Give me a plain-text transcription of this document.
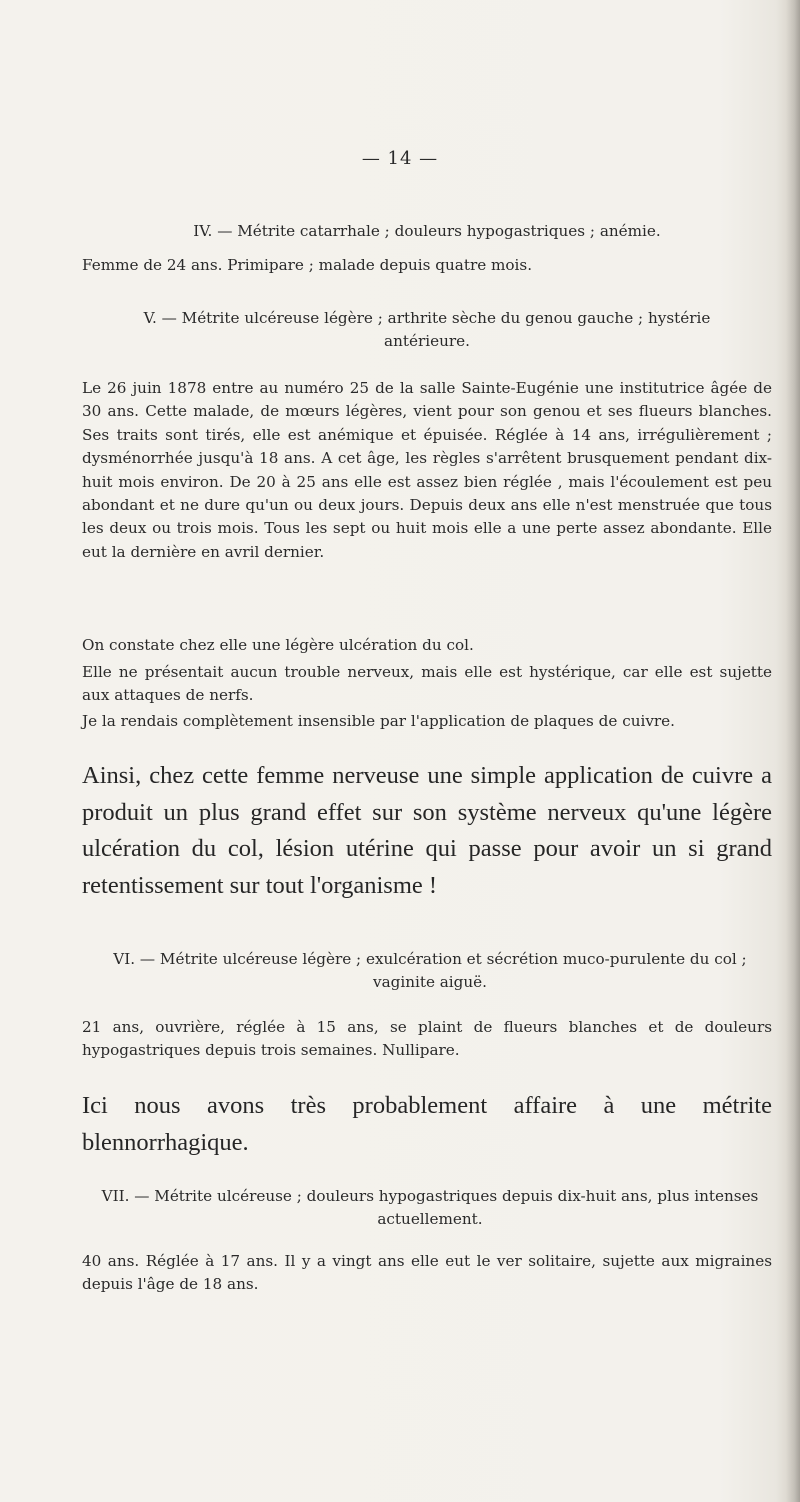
— 14 —

IV. — Métrite catarrhale ; douleurs hypogastriques ; anémie.

Femme de 24 ans. Primipare ; malade depuis quatre mois.

V. — Métrite ulcéreuse légère ; arthrite sèche du genou gauche ; hystérie antérieure.

Le 26 juin 1878 entre au numéro 25 de la salle Sainte-Eugénie une institutrice âgée de 30 ans. Cette malade, de mœurs légères, vient pour son genou et ses flueurs blanches. Ses traits sont tirés, elle est anémique et épuisée. Réglée à 14 ans, irrégulièrement ; dysménorrhée jusqu'à 18 ans. A cet âge, les règles s'arrêtent brusquement pendant dix-huit mois environ. De 20 à 25 ans elle est assez bien réglée , mais l'écoulement est peu abondant et ne dure qu'un ou deux jours. Depuis deux ans elle n'est menstruée que tous les deux ou trois mois. Tous les sept ou huit mois elle a une perte assez abondante. Elle eut la dernière en avril dernier.

On constate chez elle une légère ulcération du col.

Elle ne présentait aucun trouble nerveux, mais elle est hystérique, car elle est sujette aux attaques de nerfs.

Je la rendais complètement insensible par l'application de plaques de cuivre.

Ainsi, chez cette femme nerveuse une simple application de cuivre a produit un plus grand effet sur son système nerveux qu'une légère ulcération du col, lésion utérine qui passe pour avoir un si grand retentissement sur tout l'organisme !

VI. — Métrite ulcéreuse légère ; exulcération et sécrétion muco-purulente du col ; vaginite aiguë.

21 ans, ouvrière, réglée à 15 ans, se plaint de flueurs blanches et de douleurs hypogastriques depuis trois semaines. Nullipare.

Ici nous avons très probablement affaire à une métrite blennorrhagique.

VII. — Métrite ulcéreuse ; douleurs hypogastriques depuis dix-huit ans, plus intenses actuellement.

40 ans. Réglée à 17 ans. Il y a vingt ans elle eut le ver solitaire, sujette aux migraines depuis l'âge de 18 ans.
